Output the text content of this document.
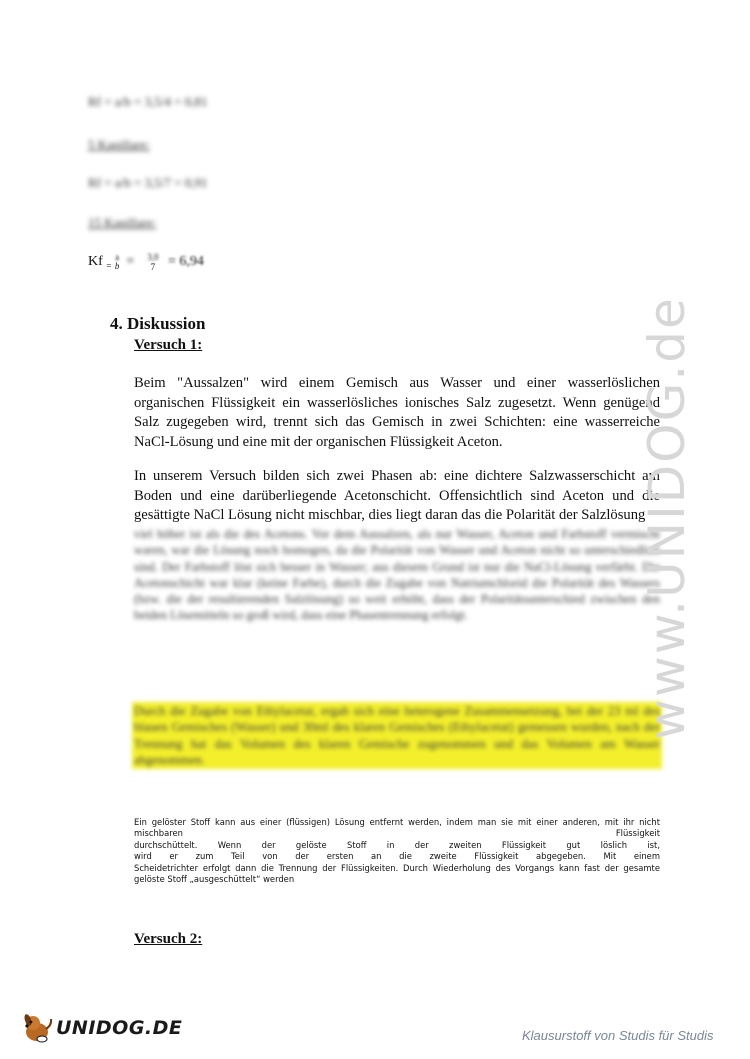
Rf = a/b = 3,5/4 = 0,81
5 Kapillare:
Rf = a/b = 3,5/7 = 0,91
15 Kapillare:
Kf $_=$
a
b = 3,0
7 = 6,94
4. Diskussion
Versuch 1:

Beim "Aussalzen" wird einem Gemisch aus Wasser und einer wasserlöslichen organischen Flüssigkeit ein wasserlösliches ionisches Salz zugesetzt. Wenn genügend Salz zugegeben wird, trennt sich das Gemisch in zwei Schichten: eine wasserreiche NaCl-Lösung und eine mit der organischen Flüssigkeit Aceton.

In unserem Versuch bilden sich zwei Phasen ab: eine dichtere Salzwasserschicht am Boden und eine darüberliegende Acetonschicht. Offensichtlich sind Aceton und die gesättigte NaCl Lösung nicht mischbar, dies liegt daran das die Polarität der Salzlösung

viel höher ist als die des Acetons. Vor dem Aussalzen, als nur Wasser, Aceton und Farbstoff vermischt waren, war die Lösung noch homogen, da die Polarität von Wasser und Aceton nicht so unterschiedlich sind. Der Farbstoff löst sich besser in Wasser; aus diesem Grund ist nur die NaCl-Lösung verfärbt. Die Acetonschicht war klar (keine Farbe), durch die Zugabe von Natriumchlorid die Polarität des Wassers (bzw. die der resultierenden Salzlösung) so weit erhöht, dass der Polaritätsunterschied zwischen den beiden Lösemitteln so groß wird, dass eine Phasentrennung erfolgt.

Durch die Zugabe von Ethylacetat, ergab sich eine heterogene Zusammensetzung, bei der 23 ml des blauen Gemisches (Wasser) und 30ml des klaren Gemisches (Ethylacetat) gemessen wurden, nach der Trennung hat das Volumen des klaren Gemische zugenommen und das Volumen am Wasser abgenommen.

Ein gelöster Stoff kann aus einer (flüssigen) Lösung entfernt werden, indem man sie mit einer anderen, mit ihr nicht
mischbaren Flüssigkeit
durchschüttelt. Wenn der gelöste Stoff in der zweiten Flüssigkeit gut löslich ist,
wird er zum Teil von der ersten an die zweite Flüssigkeit abgegeben. Mit einem
Scheidetrichter erfolgt dann die Trennung der Flüssigkeiten. Durch Wiederholung des Vorgangs kann fast der gesamte
gelöste Stoff „ausgeschüttelt“ werden
Versuch 2:
www.UNIDOG.de
UNIDOG.DE	Klausurstoff von Studis für Studis
